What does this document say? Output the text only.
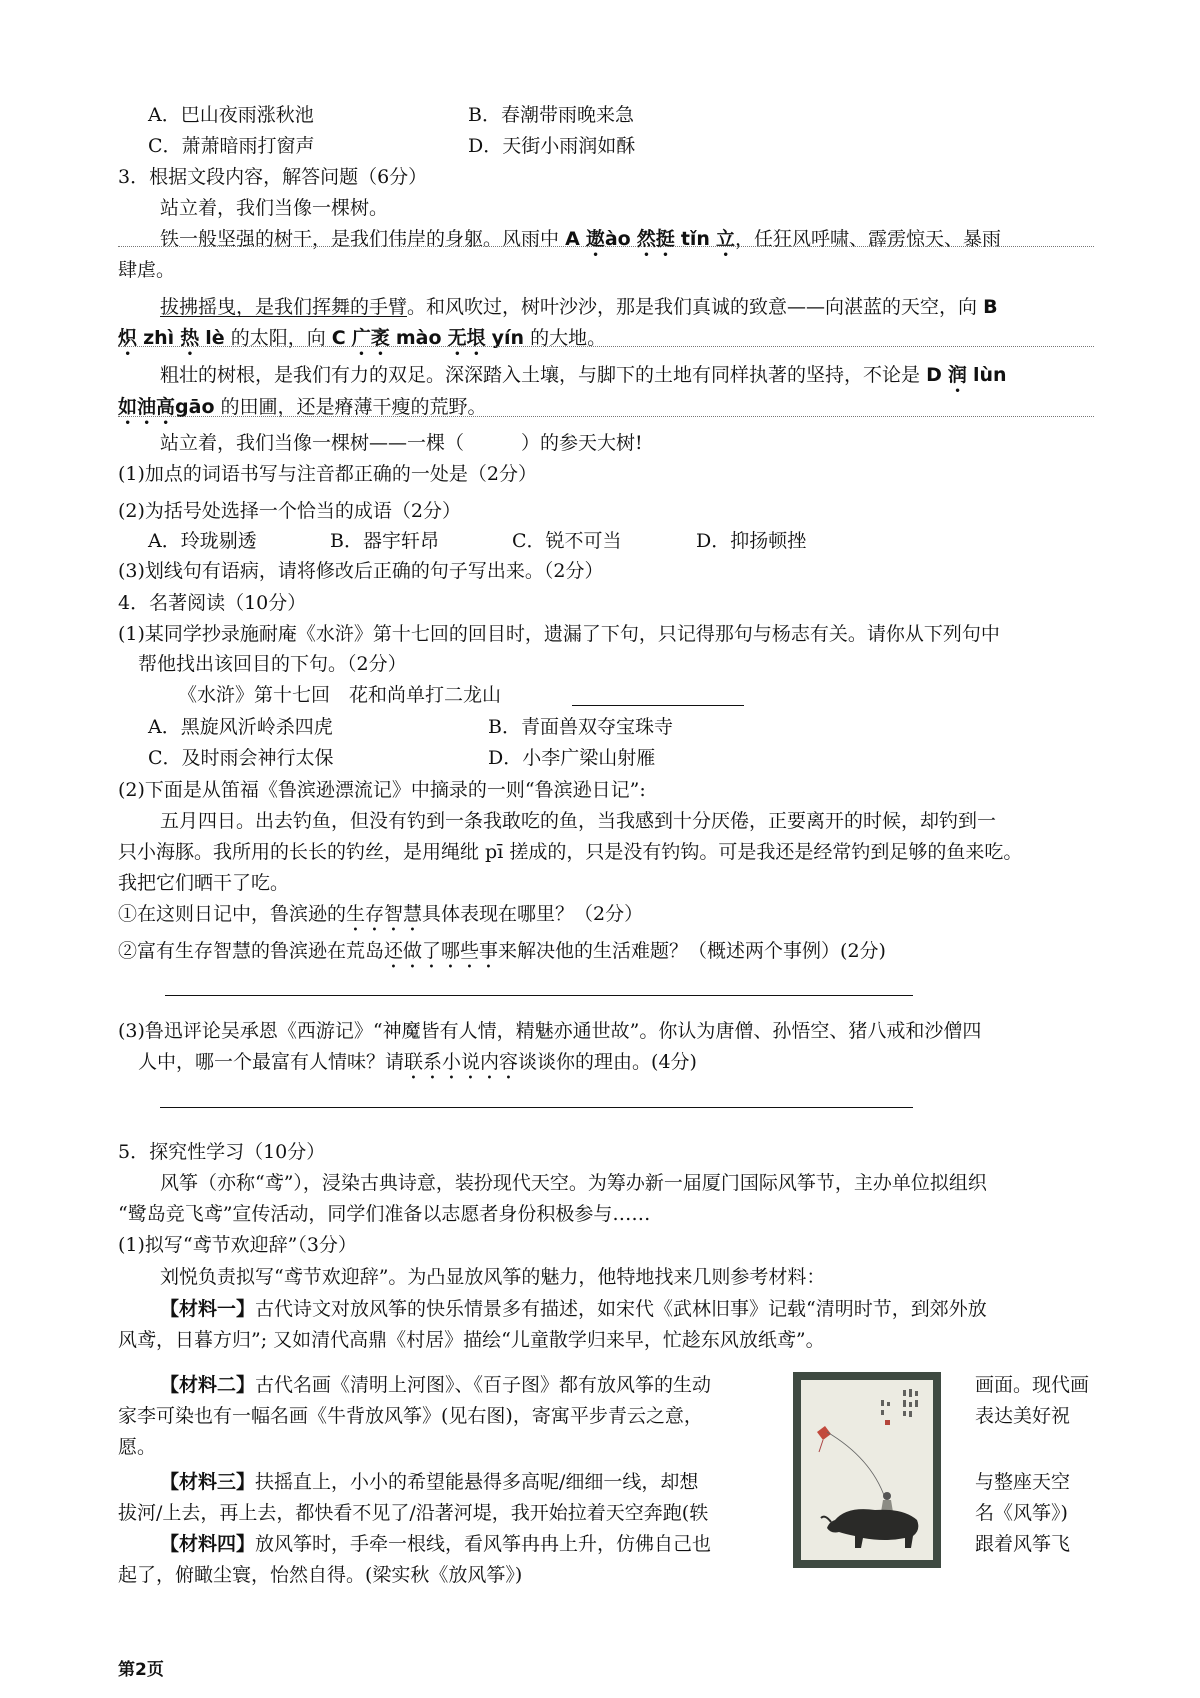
A．巴山夜雨涨秋池	B．春潮带雨晚来急
C．萧萧暗雨打窗声	D．天街小雨润如酥
3．根据文段内容，解答问题（6分）
站立着，我们当像一棵树。
铁一般坚强的树干，是我们伟岸的身躯。风雨中 A 遨ào 然挺 tǐn 立，任狂风呼啸、霹雳惊天、暴雨
肆虐。
拔拂摇曳，是我们挥舞的手臂。和风吹过，树叶沙沙，那是我们真诚的致意——向湛蓝的天空，向 B
炽 zhì 热 lè 的太阳，向 C 广袤 mào 无垠 yín 的大地。
粗壮的树根，是我们有力的双足。深深踏入土壤，与脚下的土地有同样执著的坚持，不论是 D 润 lùn
如油高gāo 的田圃，还是瘠薄干瘦的荒野。
站立着，我们当像一棵树——一棵（　　　）的参天大树!
(1)加点的词语书写与注音都正确的一处是（2分）
(2)为括号处选择一个恰当的成语（2分）
A．玲珑剔透	B．器宇轩昂	C．锐不可当	D．抑扬顿挫
(3)划线句有语病，请将修改后正确的句子写出来。（2分）
4．名著阅读（10分）
(1)某同学抄录施耐庵《水浒》第十七回的回目时，遗漏了下句，只记得那句与杨志有关。请你从下列句中
帮他找出该回目的下句。（2分）
《水浒》第十七回　花和尚单打二龙山
A．黑旋风沂岭杀四虎	B．青面兽双夺宝珠寺
C．及时雨会神行太保	D．小李广梁山射雁
(2)下面是从笛福《鲁滨逊漂流记》中摘录的一则“鲁滨逊日记”:
五月四日。出去钓鱼，但没有钓到一条我敢吃的鱼，当我感到十分厌倦，正要离开的时候，却钓到一
只小海豚。我所用的长长的钓丝，是用绳纰 pī 搓成的，只是没有钓钩。可是我还是经常钓到足够的鱼来吃。
我把它们晒干了吃。
①在这则日记中，鲁滨逊的生存智慧具体表现在哪里？（2分）
②富有生存智慧的鲁滨逊在荒岛还做了哪些事来解决他的生活难题？（概述两个事例）(2分)
(3)鲁迅评论吴承恩《西游记》“神魔皆有人情，精魅亦通世故”。你认为唐僧、孙悟空、猪八戒和沙僧四
人中，哪一个最富有人情味？请联系小说内容谈谈你的理由。(4分)
5．探究性学习（10分）
风筝（亦称“鸢”），浸染古典诗意，装扮现代天空。为筹办新一届厦门国际风筝节，主办单位拟组织
“鹭岛竞飞鸢”宣传活动，同学们准备以志愿者身份积极参与……
(1)拟写“鸢节欢迎辞”（3分）
刘悦负责拟写“鸢节欢迎辞”。为凸显放风筝的魅力，他特地找来几则参考材料：
【材料一】古代诗文对放风筝的快乐情景多有描述，如宋代《武林旧事》记载“清明时节，到郊外放
风鸢，日暮方归”; 又如清代高鼎《村居》描绘“儿童散学归来早，忙趁东风放纸鸢”。
【材料二】古代名画《清明上河图》、《百子图》都有放风筝的生动	画面。现代画
家李可染也有一幅名画《牛背放风筝》(见右图)，寄寓平步青云之意，	表达美好祝
愿。
【材料三】扶摇直上，小小的希望能悬得多高呢/细细一线，却想	与整座天空
拔河/上去，再上去，都快看不见了/沿著河堤，我开始拉着天空奔跑(轶	名《风筝》)
【材料四】放风筝时，手牵一根线，看风筝冉冉上升，仿佛自己也	跟着风筝飞
起了，俯瞰尘寰，怡然自得。(梁实秋《放风筝》)
第2页
